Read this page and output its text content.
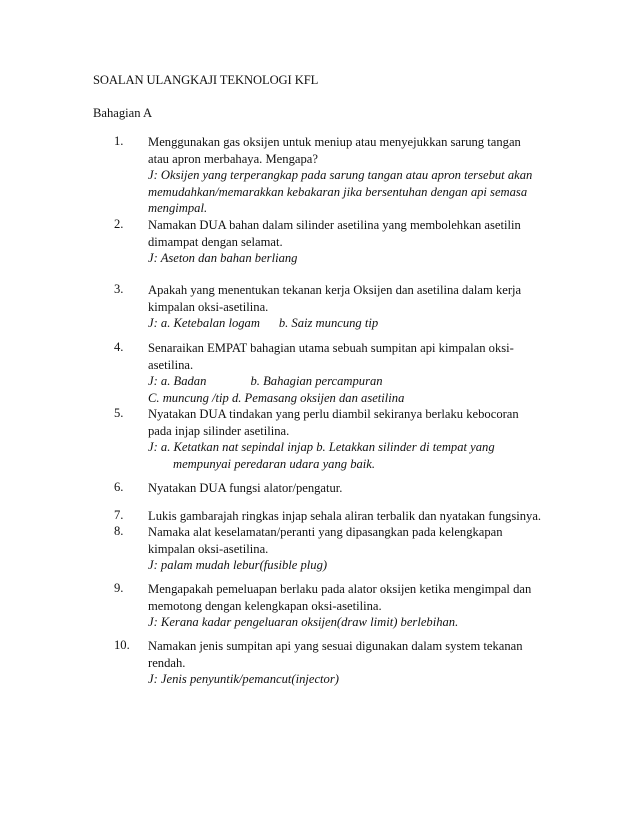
SOALAN ULANGKAJI TEKNOLOGI KFL
Bahagian A
1. Menggunakan gas oksijen untuk meniup atau menyejukkan sarung tangan
atau apron merbahaya. Mengapa?
J: Oksijen yang terperangkap pada sarung tangan atau apron tersebut akan
memudahkan/memarakkan kebakaran jika bersentuhan dengan api semasa
mengimpal.
2. Namakan DUA bahan dalam silinder asetilina yang membolehkan asetilin
dimampat dengan selamat.
J: Aseton dan bahan berliang
3. Apakah yang menentukan tekanan kerja Oksijen dan asetilina dalam kerja
kimpalan oksi-asetilina.
J: a. Ketebalan logam      b. Saiz muncung tip
4. Senaraikan EMPAT bahagian utama sebuah sumpitan api kimpalan oksi-
asetilina.
J: a. Badan              b. Bahagian percampuran
C. muncung /tip d. Pemasang oksijen dan asetilina
5. Nyatakan DUA tindakan yang perlu diambil sekiranya berlaku kebocoran
pada injap silinder asetilina.
J: a. Ketatkan nat sepindal injap b. Letakkan silinder di tempat yang
mempunyai peredaran udara yang baik.
6. Nyatakan DUA fungsi alator/pengatur.
7. Lukis gambarajah ringkas injap sehala aliran terbalik dan nyatakan fungsinya.
8. Namaka alat keselamatan/peranti yang dipasangkan pada kelengkapan
kimpalan oksi-asetilina.
J: palam mudah lebur(fusible plug)
9. Mengapakah pemeluapan berlaku pada alator oksijen ketika mengimpal dan
memotong dengan kelengkapan oksi-asetilina.
J: Kerana kadar pengeluaran oksijen(draw limit) berlebihan.
10. Namakan jenis sumpitan api yang sesuai digunakan dalam system tekanan
rendah.
J: Jenis penyuntik/pemancut(injector)
